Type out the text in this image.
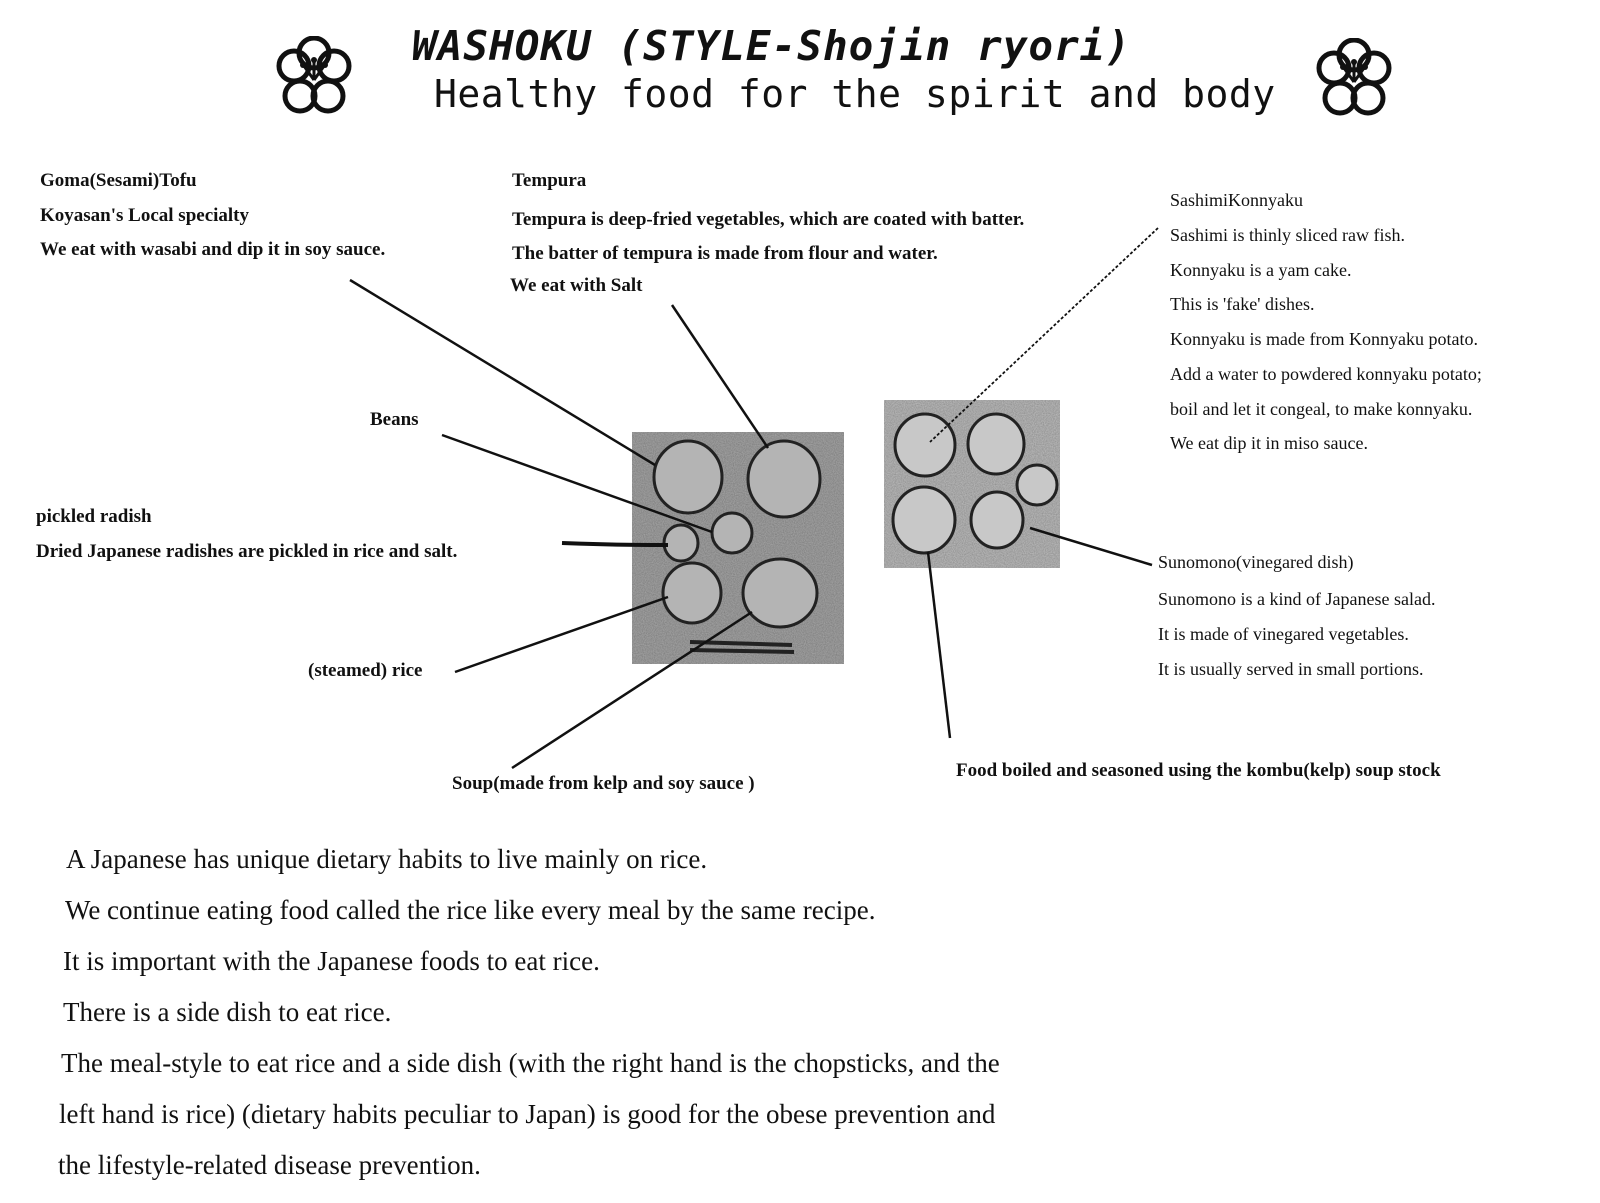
WASHOKU (STYLE-Shojin ryori)
Healthy food for the spirit and body
Goma(Sesami)Tofu
Koyasan's Local specialty
We eat with wasabi and dip it in soy sauce.
Tempura
Tempura is deep-fried vegetables, which are coated with batter.
The batter of tempura is made from flour and water.
We eat with Salt
SashimiKonnyaku
Sashimi is thinly sliced raw fish.
Konnyaku is a yam cake.
This is 'fake' dishes.
Konnyaku is made from Konnyaku potato.
Add a water to powdered konnyaku potato;
boil and let it congeal, to make konnyaku.
We eat dip it in miso sauce.
Beans
pickled radish
Dried Japanese radishes are pickled in rice and salt.
(steamed) rice
Soup(made from kelp and soy sauce )
Sunomono(vinegared dish)
Sunomono is a kind of Japanese salad.
It is made of vinegared vegetables.
It is usually served in small portions.
Food boiled and seasoned using the kombu(kelp) soup stock
A Japanese has unique dietary habits to live mainly on rice.
We continue eating food called the rice like every meal by the same recipe.
It is important with the Japanese foods to eat rice.
There is a side dish to eat rice.
The meal-style to eat rice and a side dish (with the right hand is the chopsticks, and the
left hand is rice) (dietary habits peculiar to Japan) is good for the obese prevention and
the lifestyle-related disease prevention.
